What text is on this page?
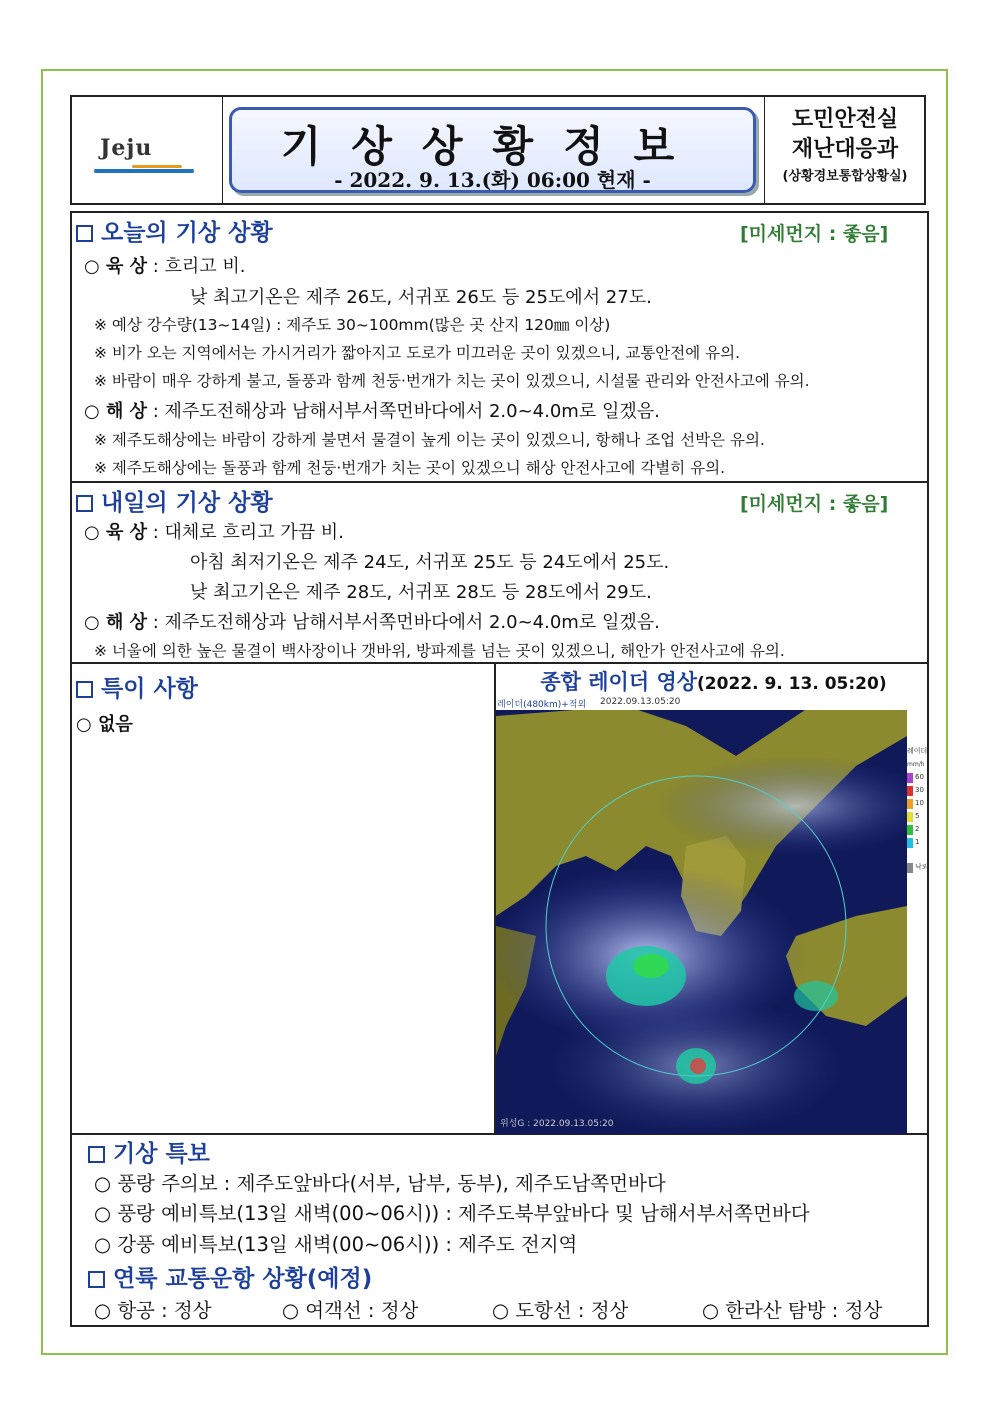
Jeju	기상상황정보
- 2022. 9. 13.(화) 06:00 현재 -
도민안전실
재난대응과
(상황경보통합상황실)
오늘의 기상 상황	[미세먼지 : 좋음]
○ 육 상 : 흐리고 비.
낮 최고기온은 제주 26도, 서귀포 26도 등 25도에서 27도.
※ 예상 강수량(13~14일) : 제주도 30~100mm(많은 곳 산지 120㎜ 이상)
※ 비가 오는 지역에서는 가시거리가 짧아지고 도로가 미끄러운 곳이 있겠으니, 교통안전에 유의.
※ 바람이 매우 강하게 불고, 돌풍과 함께 천둥·번개가 치는 곳이 있겠으니, 시설물 관리와 안전사고에 유의.
○ 해 상 : 제주도전해상과 남해서부서쪽먼바다에서 2.0~4.0m로 일겠음.
※ 제주도해상에는 바람이 강하게 불면서 물결이 높게 이는 곳이 있겠으니, 항해나 조업 선박은 유의.
※ 제주도해상에는 돌풍과 함께 천둥·번개가 치는 곳이 있겠으니 해상 안전사고에 각별히 유의.
내일의 기상 상황	[미세먼지 : 좋음]
○ 육 상 : 대체로 흐리고 가끔 비.
아침 최저기온은 제주 24도, 서귀포 25도 등 24도에서 25도.
낮 최고기온은 제주 28도, 서귀포 28도 등 28도에서 29도.
○ 해 상 : 제주도전해상과 남해서부서쪽먼바다에서 2.0~4.0m로 일겠음.
※ 너울에 의한 높은 물결이 백사장이나 갯바위, 방파제를 넘는 곳이 있겠으니, 해안가 안전사고에 유의.
특이 사항
○ 없음
종합 레이더 영상(2022. 9. 13. 05:20)
레이더(480km)+적외 2022.09.13.05:20
위성G : 2022.09.13.05:20
레이더
mm/h
60
30
10
5
2
1
낙뢰
기상 특보
○ 풍랑 주의보 : 제주도앞바다(서부, 남부, 동부), 제주도남쪽먼바다
○ 풍랑 예비특보(13일 새벽(00~06시)) : 제주도북부앞바다 및 남해서부서쪽먼바다
○ 강풍 예비특보(13일 새벽(00~06시)) : 제주도 전지역
연륙 교통운항 상황(예정)
○ 항공 : 정상	○ 여객선 : 정상	○ 도항선 : 정상	○ 한라산 탐방 : 정상
